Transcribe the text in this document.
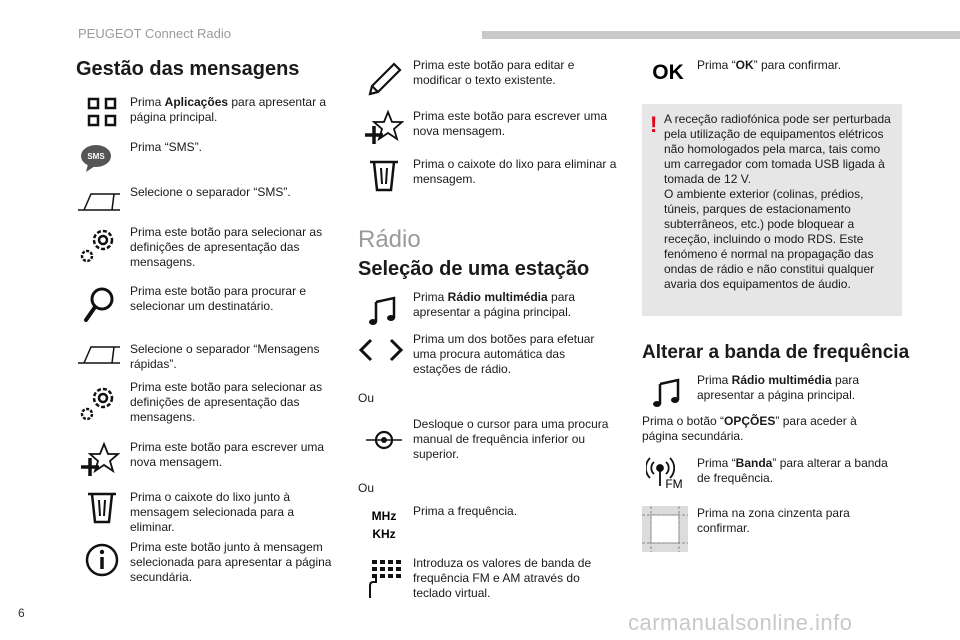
PEUGEOT Connect Radio
6	carmanualsonline.info
Gestão das mensagens
Prima Aplicações para apresentar a página principal.
SMS
Prima “SMS”.
Selecione o separador “SMS”.
Prima este botão para selecionar as definições de apresentação das mensagens.
Prima este botão para procurar e selecionar um destinatário.
Selecione o separador “Mensagens rápidas”.
Prima este botão para selecionar as definições de apresentação das mensagens.
Prima este botão para escrever uma nova mensagem.
Prima o caixote do lixo junto à mensagem selecionada para a eliminar.
Prima este botão junto à mensagem selecionada para apresentar a página secundária.
Prima este botão para editar e modificar o texto existente.
Prima este botão para escrever uma nova mensagem.
Prima o caixote do lixo para eliminar a mensagem.
Rádio
Seleção de uma estação
Prima Rádio multimédia para apresentar a página principal.
Prima um dos botões para efetuar uma procura automática das estações de rádio.
Ou
Desloque o cursor para uma procura manual de frequência inferior ou superior.
Ou
MHz
KHz
Prima a frequência.
Introduza os valores de banda de frequência FM e AM através do teclado virtual.
OK Prima “OK” para confirmar.
! A receção radiofónica pode ser perturbada pela utilização de equipamentos elétricos não homologados pela marca, tais como um carregador com tomada USB ligada à tomada de 12 V.
O ambiente exterior (colinas, prédios, túneis, parques de estacionamento subterrâneos, etc.) pode bloquear a receção, incluindo o modo RDS. Este fenómeno é normal na propagação das ondas de rádio e não constitui qualquer avaria dos equipamentos de áudio.
Alterar a banda de frequência
Prima Rádio multimédia para apresentar a página principal.
Prima o botão “OPÇÕES” para aceder à página secundária.
FM
Prima “Banda” para alterar a banda de frequência.
Prima na zona cinzenta para confirmar.
